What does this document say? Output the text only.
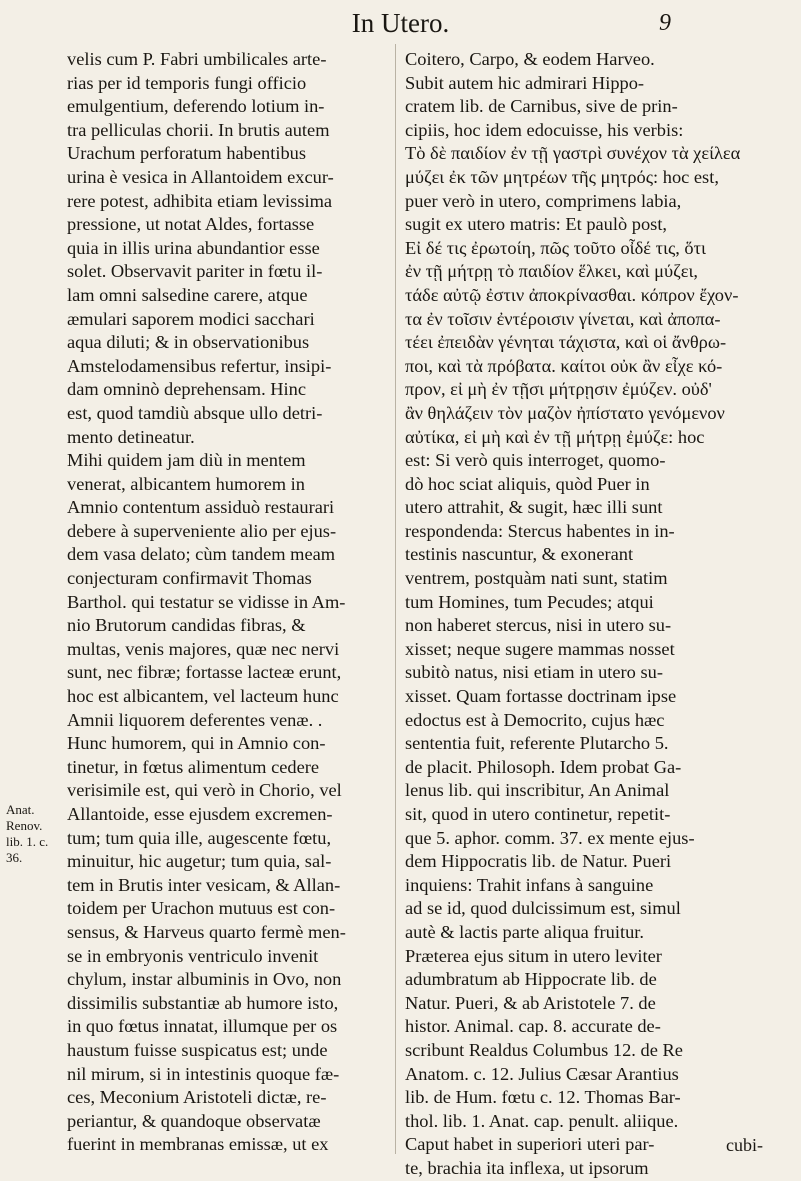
In Utero.	9
velis cum P. Fabri umbilicales arte-
rias per id temporis fungi officio
emulgentium, deferendo lotium in-
tra pelliculas chorii. In brutis autem
Urachum perforatum habentibus
urina è vesica in Allantoidem excur-
rere potest, adhibita etiam levissima
pressione, ut notat Aldes, fortasse
quia in illis urina abundantior esse
solet. Observavit pariter in fœtu il-
lam omni salsedine carere, atque
æmulari saporem modici sacchari
aqua diluti; & in observationibus
Amstelodamensibus refertur, insipi-
dam omninò deprehensam. Hinc
est, quod tamdiù absque ullo detri-
mento detineatur.
Mihi quidem jam diù in mentem
venerat, albicantem humorem in
Amnio contentum assiduò restaurari
debere à superveniente alio per ejus-
dem vasa delato; cùm tandem meam
conjecturam confirmavit Thomas
Barthol. qui testatur se vidisse in Am-
nio Brutorum candidas fibras, &
multas, venis majores, quæ nec nervi
sunt, nec fibræ; fortasse lacteæ erunt,
hoc est albicantem, vel lacteum hunc
Amnii liquorem deferentes venæ. .
Hunc humorem, qui in Amnio con-
tinetur, in fœtus alimentum cedere
verisimile est, qui verò in Chorio, vel
Allantoide, esse ejusdem excremen-
tum; tum quia ille, augescente fœtu,
minuitur, hic augetur; tum quia, sal-
tem in Brutis inter vesicam, & Allan-
toidem per Urachon mutuus est con-
sensus, & Harveus quarto fermè men-
se in embryonis ventriculo invenit
chylum, instar albuminis in Ovo, non
dissimilis substantiæ ab humore isto,
in quo fœtus innatat, illumque per os
haustum fuisse suspicatus est; unde
nil mirum, si in intestinis quoque fæ-
ces, Meconium Aristoteli dictæ, re-
periantur, & quandoque observatæ
fuerint in membranas emissæ, ut ex
Coitero, Carpo, & eodem Harveo.
Subit autem hic admirari Hippo-
cratem lib. de Carnibus, sive de prin-
cipiis, hoc idem edocuisse, his verbis:
Τὸ δὲ παιδίον ἐν τῇ γαστρὶ συνέχον τὰ χείλεα
μύζει ἐκ τῶν μητρέων τῆς μητρός: hoc est,
puer verò in utero, comprimens labia,
sugit ex utero matris: Et paulò post,
Εἰ δέ τις ἐρωτοίη, πῶς τοῦτο οἶδέ τις, ὅτι
ἐν τῇ μήτρῃ τὸ παιδίον ἕλκει, καὶ μύζει,
τάδε αὐτῷ ἐστιν ἀποκρίνασθαι. κόπρον ἔχον-
τα ἐν τοῖσιν ἐντέροισιν γίνεται, καὶ ἀποπα-
τέει ἐπειδὰν γένηται τάχιστα, καὶ οἱ ἄνθρω-
ποι, καὶ τὰ πρόβατα. καίτοι οὐκ ἂν εἶχε κό-
προν, εἰ μὴ ἐν τῇσι μήτρῃσιν ἐμύζεν. οὐδ'
ἂν θηλάζειν τὸν μαζὸν ἠπίστατο γενόμενον
αὐτίκα, εἰ μὴ καὶ ἐν τῇ μήτρῃ ἐμύζε: hoc
est: Si verò quis interroget, quomo-
dò hoc sciat aliquis, quòd Puer in
utero attrahit, & sugit, hæc illi sunt
respondenda: Stercus habentes in in-
testinis nascuntur, & exonerant
ventrem, postquàm nati sunt, statim
tum Homines, tum Pecudes; atqui
non haberet stercus, nisi in utero su-
xisset; neque sugere mammas nosset
subitò natus, nisi etiam in utero su-
xisset. Quam fortasse doctrinam ipse
edoctus est à Democrito, cujus hæc
sententia fuit, referente Plutarcho 5.
de placit. Philosoph. Idem probat Ga-
lenus lib. qui inscribitur, An Animal
sit, quod in utero continetur, repetit-
que 5. aphor. comm. 37. ex mente ejus-
dem Hippocratis lib. de Natur. Pueri
inquiens: Trahit infans à sanguine
ad se id, quod dulcissimum est, simul
autè & lactis parte aliqua fruitur.
Præterea ejus situm in utero leviter
adumbratum ab Hippocrate lib. de
Natur. Pueri, & ab Aristotele 7. de
histor. Animal. cap. 8. accurate de-
scribunt Realdus Columbus 12. de Re
Anatom. c. 12. Julius Cæsar Arantius
lib. de Hum. fœtu c. 12. Thomas Bar-
thol. lib. 1. Anat. cap. penult. aliique.
Caput habet in superiori uteri par-
te, brachia ita inflexa, ut ipsorum
Anat.
Renov.
lib. 1. c.
36.
cubi-
